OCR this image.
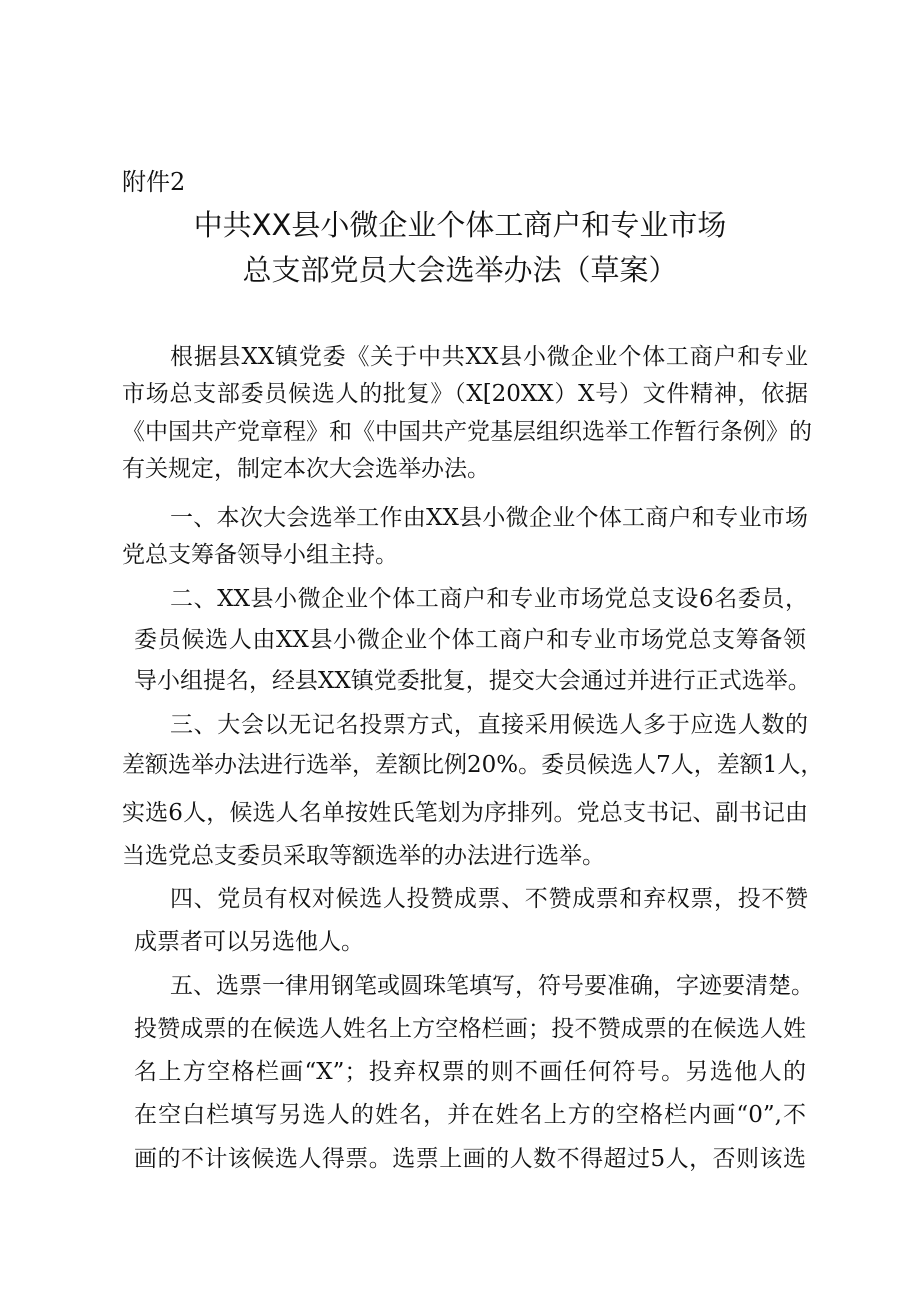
附件2
中共XX县小微企业个体工商户和专业市场
总支部党员大会选举办法（草案）
根据县XX镇党委《关于中共XX县小微企业个体工商户和专业
市场总支部委员候选人的批复》（X[20XX）X号）文件精神，依据
《中国共产党章程》和《中国共产党基层组织选举工作暂行条例》的
有关规定，制定本次大会选举办法。
一、本次大会选举工作由XX县小微企业个体工商户和专业市场
党总支筹备领导小组主持。
二、XX县小微企业个体工商户和专业市场党总支设6名委员，
委员候选人由XX县小微企业个体工商户和专业市场党总支筹备领
导小组提名，经县XX镇党委批复，提交大会通过并进行正式选举。
三、大会以无记名投票方式，直接采用候选人多于应选人数的
差额选举办法进行选举，差额比例20%。委员候选人7人，差额1人，
实选6人，候选人名单按姓氏笔划为序排列。党总支书记、副书记由
当选党总支委员采取等额选举的办法进行选举。
四、党员有权对候选人投赞成票、不赞成票和弃权票，投不赞
成票者可以另选他人。
五、选票一律用钢笔或圆珠笔填写，符号要准确，字迹要清楚。
投赞成票的在候选人姓名上方空格栏画；投不赞成票的在候选人姓
名上方空格栏画“X”；投弃权票的则不画任何符号。另选他人的
在空白栏填写另选人的姓名，并在姓名上方的空格栏内画“0”,不
画的不计该候选人得票。选票上画的人数不得超过5人，否则该选
